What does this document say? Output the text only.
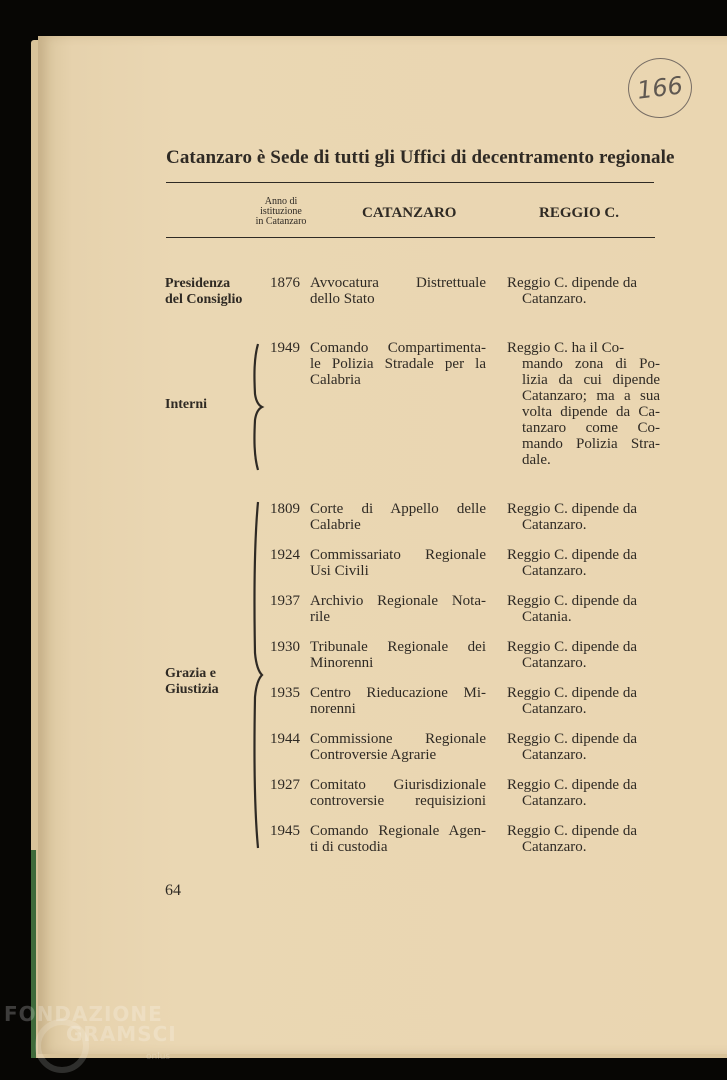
166
Catanzaro è Sede di tutti gli Uffici di decentramento regionale
Anno di
istituzione
in Catanzaro
CATANZARO	REGGIO C.
Presidenza
del Consiglio
Interni
Grazia e
Giustizia
1876 Avvocatura Distrettuale
dello Stato
Reggio C. dipende da
Catanzaro.
1949 Comando Compartimenta-
le Polizia Stradale per la
Calabria
Reggio C. ha il Co-
mando zona di Po-
lizia da cui dipende
Catanzaro; ma a sua
volta dipende da Ca-
tanzaro come Co-
mando Polizia Stra-
dale.
1809 Corte di Appello delle
Calabrie
Reggio C. dipende da
Catanzaro.
1924 Commissariato Regionale
Usi Civili
Reggio C. dipende da
Catanzaro.
1937 Archivio Regionale Nota-
rile
Reggio C. dipende da
Catania.
1930 Tribunale Regionale dei
Minorenni
Reggio C. dipende da
Catanzaro.
1935 Centro Rieducazione Mi-
norenni
Reggio C. dipende da
Catanzaro.
1944 Commissione Regionale
Controversie Agrarie
Reggio C. dipende da
Catanzaro.
1927 Comitato Giurisdizionale
controversie requisizioni
Reggio C. dipende da
Catanzaro.
1945 Comando Regionale Agen-
ti di custodia
Reggio C. dipende da
Catanzaro.
64
FONDAZIONE
GRAMSCI
onlus
